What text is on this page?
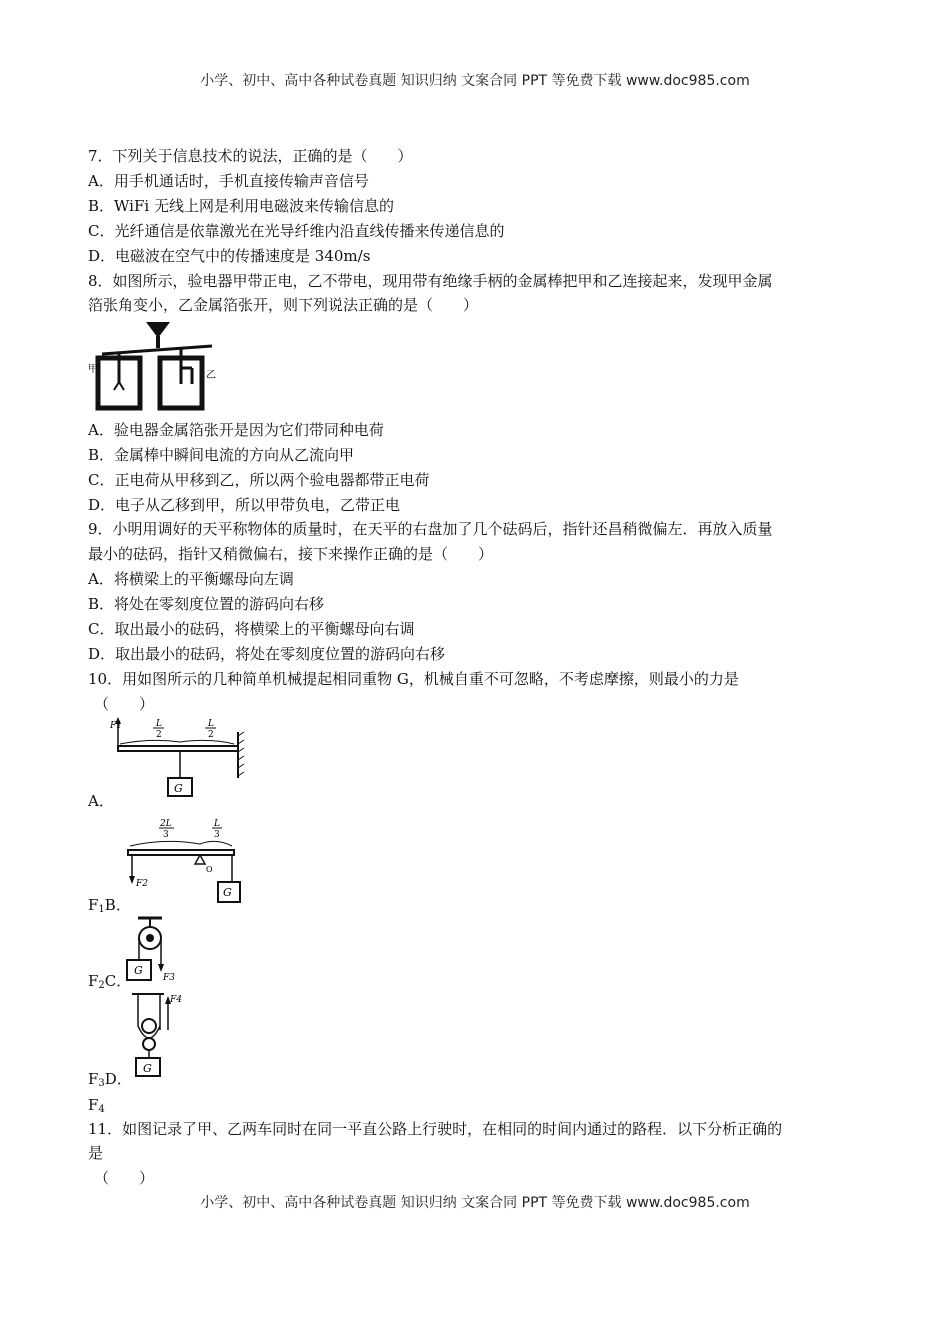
小学、初中、高中各种试卷真题 知识归纳 文案合同 PPT 等免费下载 www.doc985.com
7．下列关于信息技术的说法，正确的是（　　）
A．用手机通话时，手机直接传输声音信号
B．WiFi 无线上网是利用电磁波来传输信息的
C．光纤通信是依靠激光在光导纤维内沿直线传播来传递信息的
D．电磁波在空气中的传播速度是 340m/s
8．如图所示，验电器甲带正电，乙不带电，现用带有绝缘手柄的金属棒把甲和乙连接起来，发现甲金属
箔张角变小，乙金属箔张开，则下列说法正确的是（　　）
甲
乙
A．验电器金属箔张开是因为它们带同种电荷
B．金属棒中瞬间电流的方向从乙流向甲
C．正电荷从甲移到乙，所以两个验电器都带正电荷
D．电子从乙移到甲，所以甲带负电，乙带正电
9．小明用调好的天平称物体的质量时，在天平的右盘加了几个砝码后，指针还昌稍微偏左．再放入质量
最小的砝码，指针又稍微偏右，接下来操作正确的是（　　）
A．将横梁上的平衡螺母向左调
B．将处在零刻度位置的游码向右移
C．取出最小的砝码，将横梁上的平衡螺母向右调
D．取出最小的砝码，将处在零刻度位置的游码向右移
10．用如图所示的几种简单机械提起相同重物 G，机械自重不可忽略，不考虑摩擦，则最小的力是
（　　）
F1	L
2
L
2
G
A．
2L
3
L
3
F2
O
G
$F_1B$．
G
F3
$F_2C$．
F4
G
$F_3D$．
$F_4$
11．如图记录了甲、乙两车同时在同一平直公路上行驶时，在相同的时间内通过的路程．以下分析正确的
是
（　　）
小学、初中、高中各种试卷真题 知识归纳 文案合同 PPT 等免费下载 www.doc985.com
